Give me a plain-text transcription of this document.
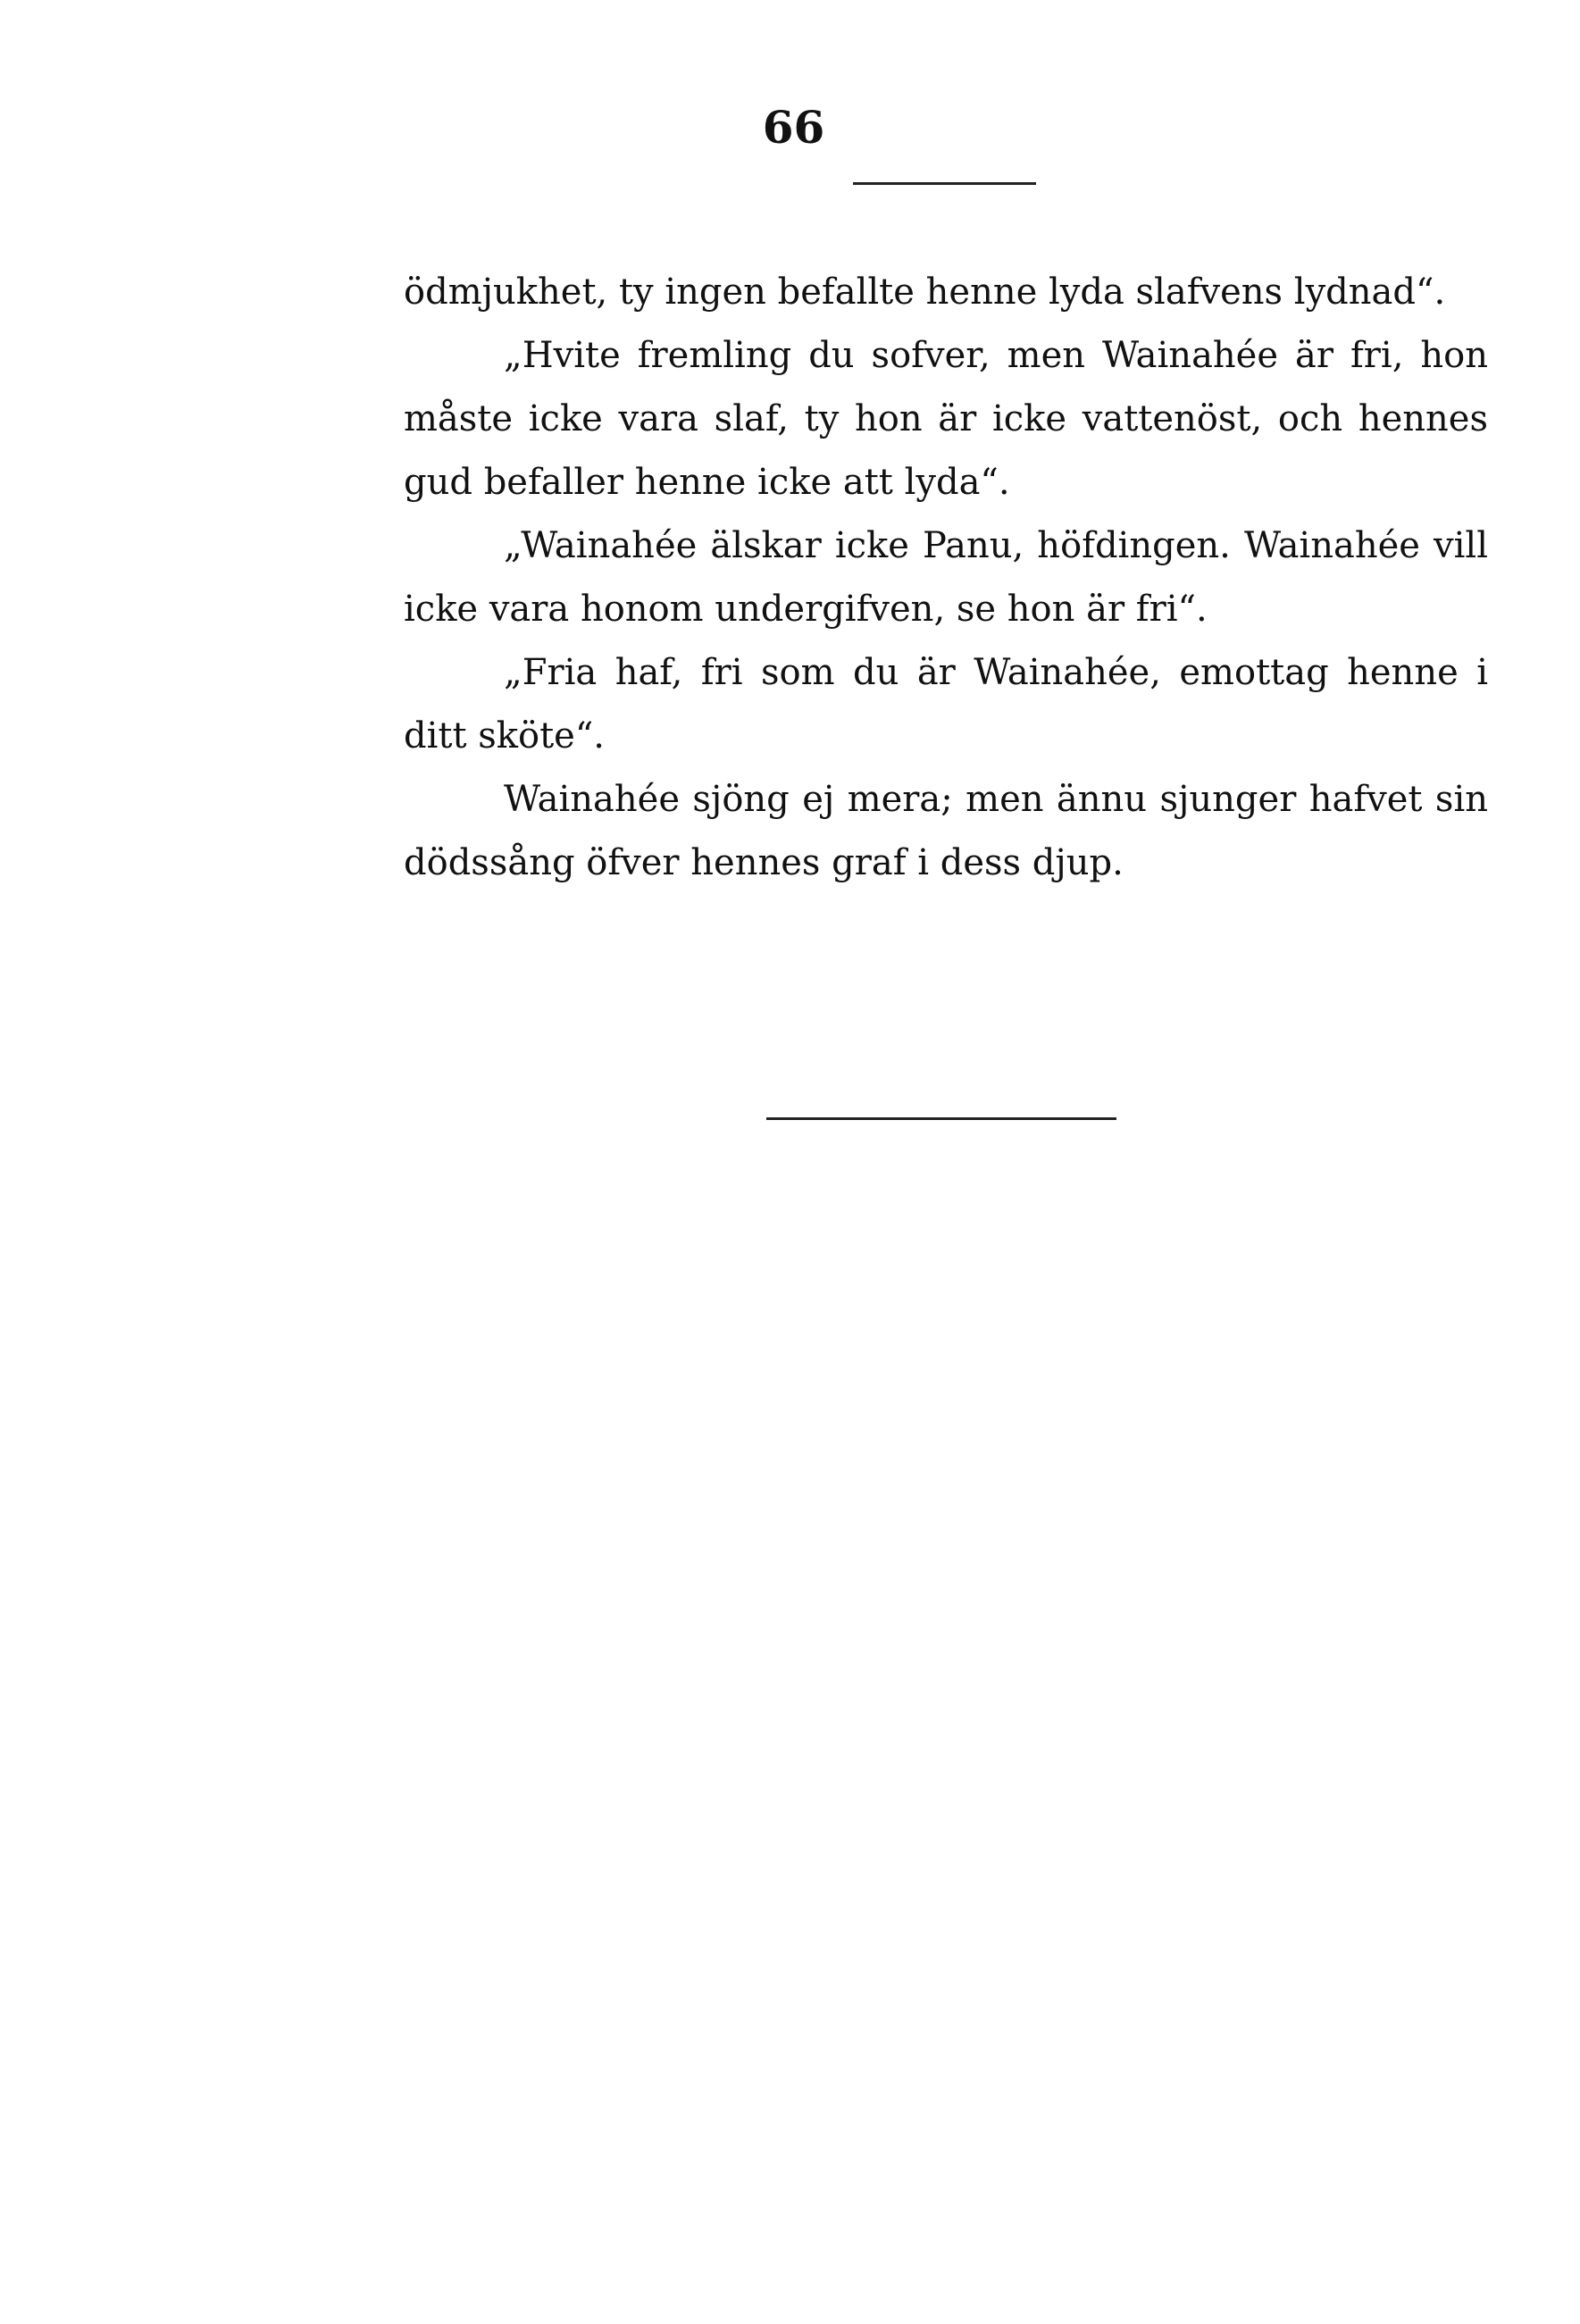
66

ödmjukhet, ty ingen befallte henne lyda slafvens lydnad“.

„Hvite fremling du sofver, men Wainahée är fri, hon måste icke vara slaf, ty hon är icke vattenöst, och hennes gud befaller henne icke att lyda“.

„Wainahée älskar icke Panu, höfdingen. Wainahée vill icke vara honom undergifven, se hon är fri“.

„Fria haf, fri som du är Wainahée, emottag henne i ditt sköte“.

Wainahée sjöng ej mera; men ännu sjunger hafvet sin dödssång öfver hennes graf i dess djup.
